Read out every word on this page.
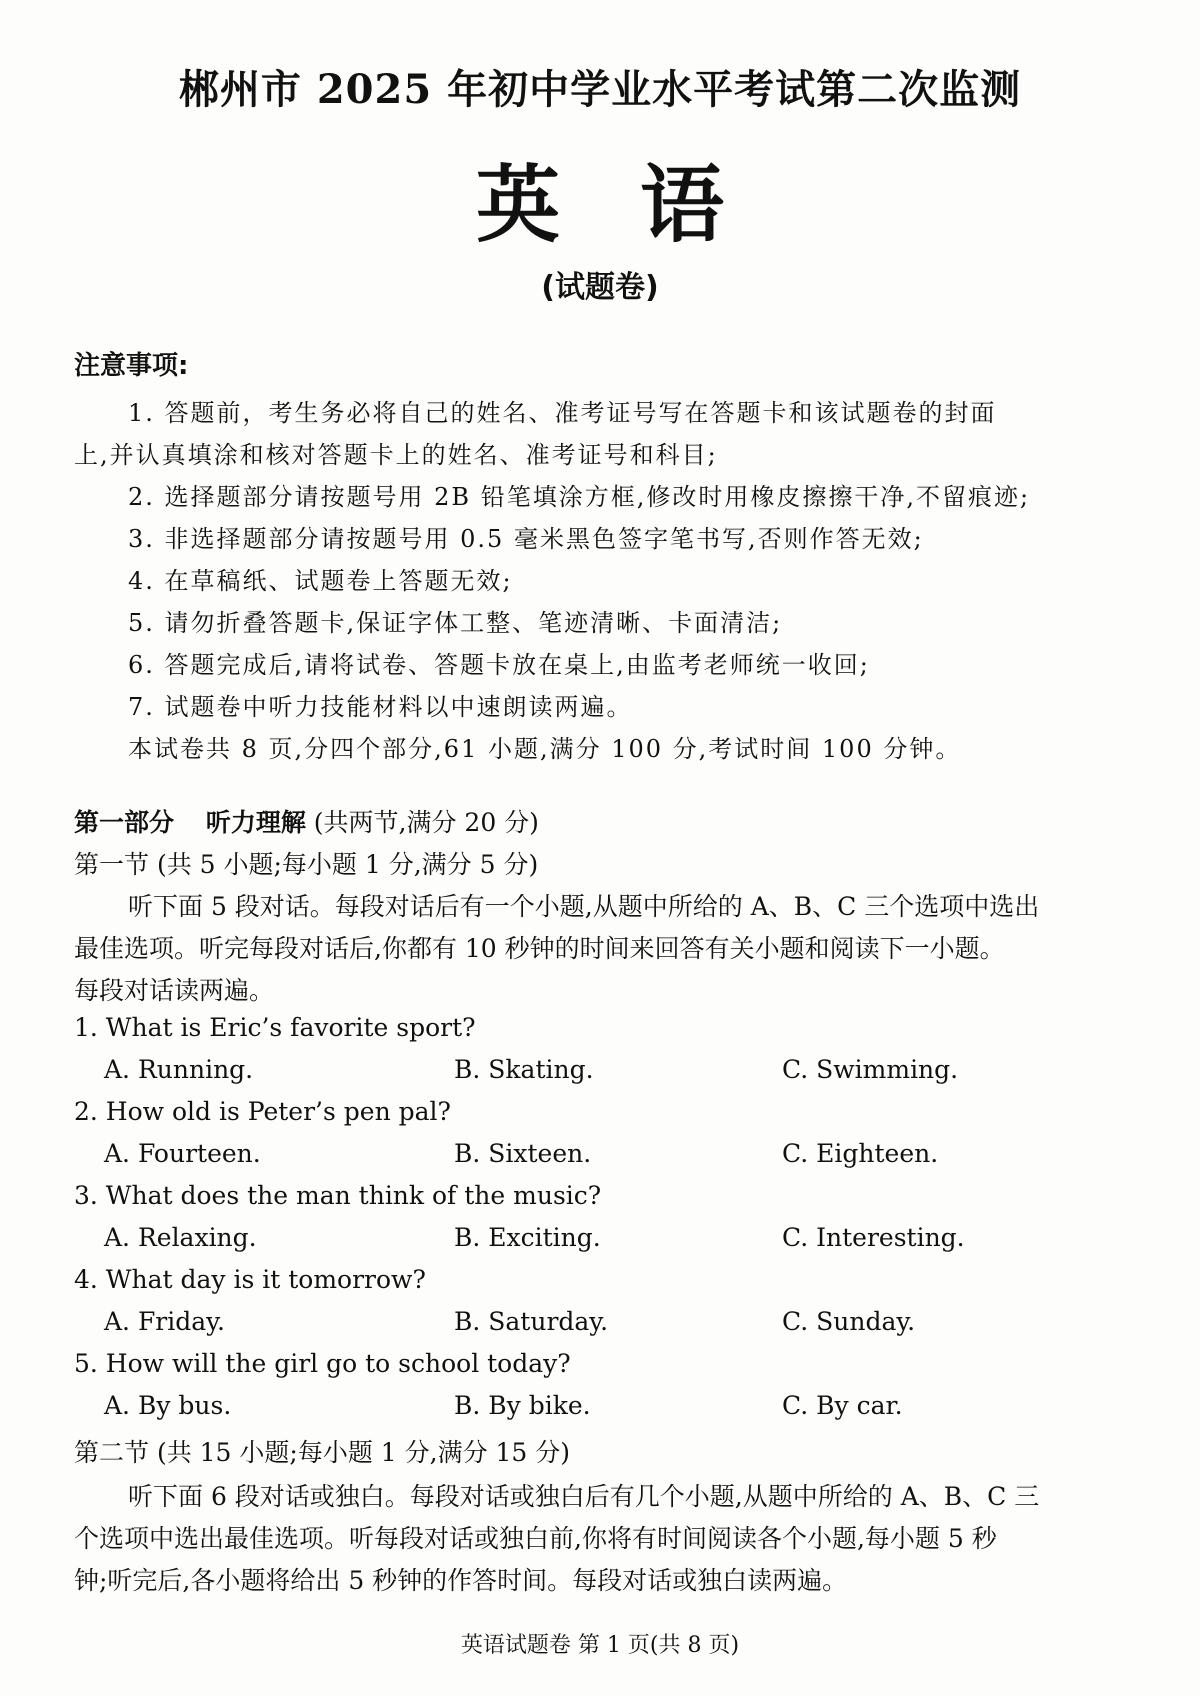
郴州市 2025 年初中学业水平考试第二次监测
英语
(试题卷)
注意事项:
1. 答题前，考生务必将自己的姓名、准考证号写在答题卡和该试题卷的封面
上,并认真填涂和核对答题卡上的姓名、准考证号和科目;
2. 选择题部分请按题号用 2B 铅笔填涂方框,修改时用橡皮擦擦干净,不留痕迹;
3. 非选择题部分请按题号用 0.5 毫米黑色签字笔书写,否则作答无效;
4. 在草稿纸、试题卷上答题无效;
5. 请勿折叠答题卡,保证字体工整、笔迹清晰、卡面清洁;
6. 答题完成后,请将试卷、答题卡放在桌上,由监考老师统一收回;
7. 试题卷中听力技能材料以中速朗读两遍。
本试卷共 8 页,分四个部分,61 小题,满分 100 分,考试时间 100 分钟。
第一部分 听力理解 (共两节,满分 20 分)
第一节 (共 5 小题;每小题 1 分,满分 5 分)
听下面 5 段对话。每段对话后有一个小题,从题中所给的 A、B、C 三个选项中选出
最佳选项。听完每段对话后,你都有 10 秒钟的时间来回答有关小题和阅读下一小题。
每段对话读两遍。
1. What is Eric’s favorite sport?
A. Running.	B. Skating.	C. Swimming.
2. How old is Peter’s pen pal?
A. Fourteen.	B. Sixteen.	C. Eighteen.
3. What does the man think of the music?
A. Relaxing.	B. Exciting.	C. Interesting.
4. What day is it tomorrow?
A. Friday.	B. Saturday.	C. Sunday.
5. How will the girl go to school today?
A. By bus.	B. By bike.	C. By car.
第二节 (共 15 小题;每小题 1 分,满分 15 分)
听下面 6 段对话或独白。每段对话或独白后有几个小题,从题中所给的 A、B、C 三
个选项中选出最佳选项。听每段对话或独白前,你将有时间阅读各个小题,每小题 5 秒
钟;听完后,各小题将给出 5 秒钟的作答时间。每段对话或独白读两遍。
英语试题卷 第 1 页(共 8 页)
